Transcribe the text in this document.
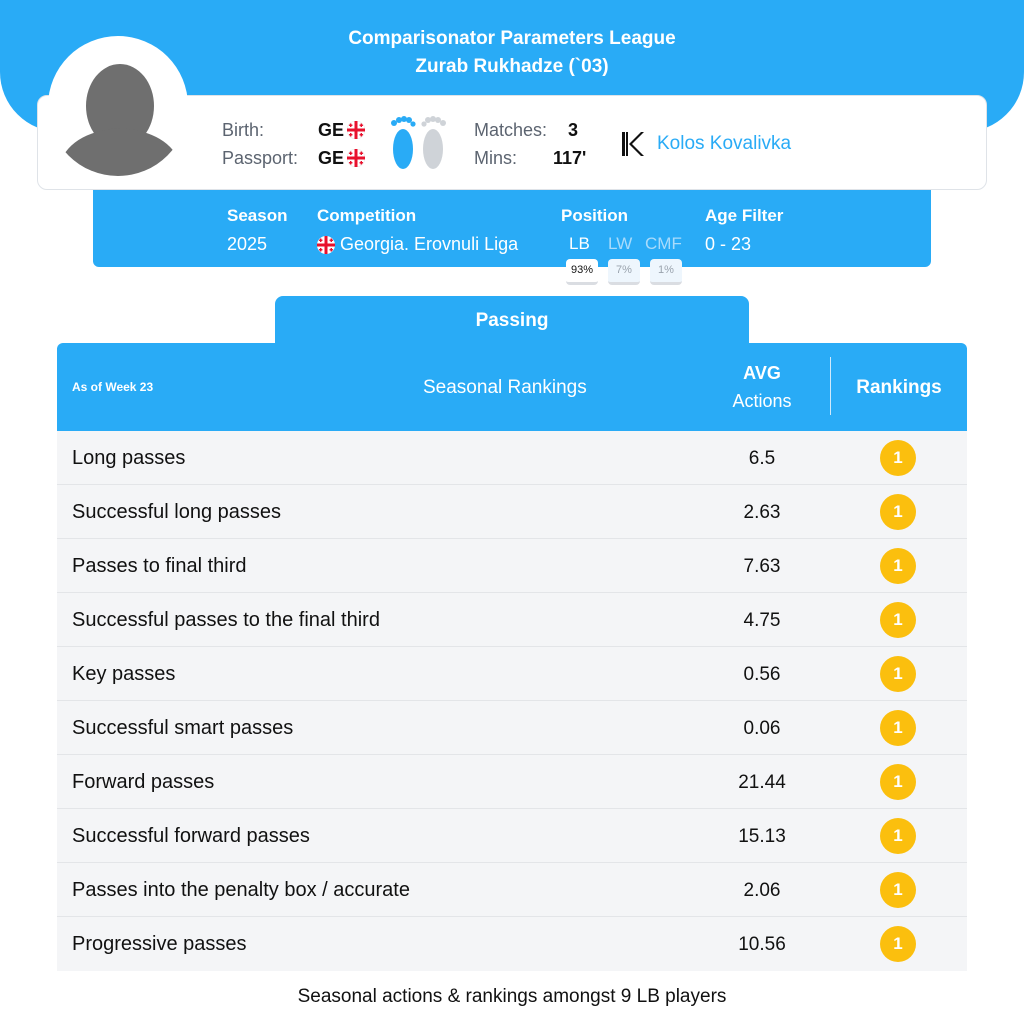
Comparisonator Parameters League
Zurab Rukhadze (`03)
Birth:	GE
Passport: GE
Matches: 3
Mins: 117'
Kolos Kovalivka
Season
2025
Competition
Georgia. Erovnuli Liga
Position
LB LW CMF
93%	7%	1%
Age Filter
0 - 23
Passing
As of Week 23	Seasonal Rankings
AVG
Actions
Rankings
Long passes	6.5	1
Successful long passes	2.63	1
Passes to final third	7.63	1
Successful passes to the final third	4.75	1
Key passes	0.56	1
Successful smart passes	0.06	1
Forward passes	21.44	1
Successful forward passes	15.13	1
Passes into the penalty box / accurate	2.06	1
Progressive passes	10.56	1
Seasonal actions & rankings amongst 9 LB players
